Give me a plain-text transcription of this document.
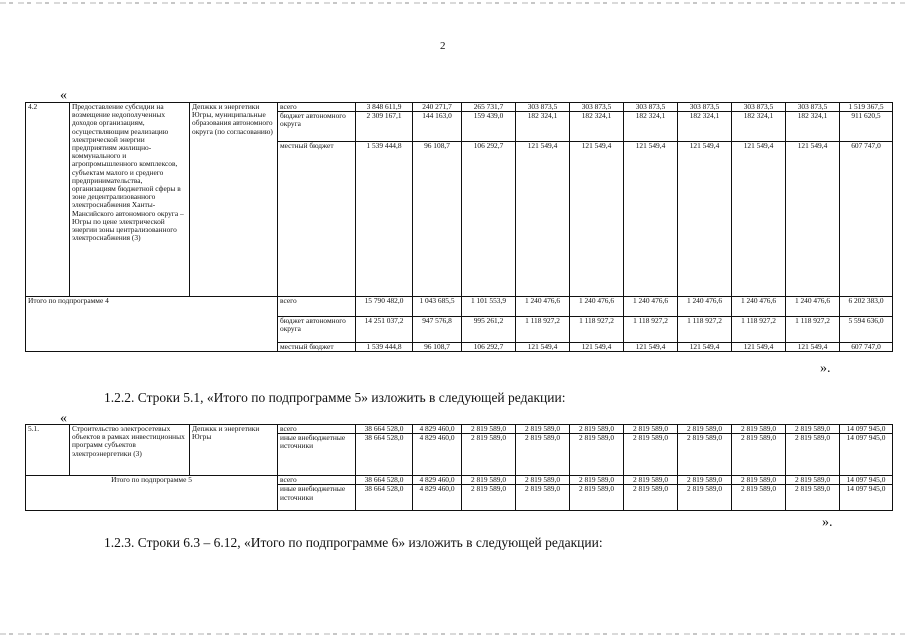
2
«
4.2	Предоставление субсидии на возмещение недополученных доходов организациям, осуществляющим реализацию электрической энергии предприятиям жилищно-коммунального и агропромышленного комплексов, субъектам малого и среднего предпринимательства, организациям бюджетной сферы в зоне децентрализованного электроснабжения Ханты-Мансийского автономного округа – Югры по цене электрической энергии зоны централизованного электроснабжения (3)	Депжкк и энергетики Югры, муниципальные образования автономного округа (по согласованию)	всего	3 848 611,9	240 271,7	265 731,7	303 873,5	303 873,5	303 873,5	303 873,5	303 873,5	303 873,5	1 519 367,5
			бюджет автономного округа	2 309 167,1	144 163,0	159 439,0	182 324,1	182 324,1	182 324,1	182 324,1	182 324,1	182 324,1	911 620,5
			местный бюджет	1 539 444,8	96 108,7	106 292,7	121 549,4	121 549,4	121 549,4	121 549,4	121 549,4	121 549,4	607 747,0
Итого по подпрограмме 4			всего	15 790 482,0	1 043 685,5	1 101 553,9	1 240 476,6	1 240 476,6	1 240 476,6	1 240 476,6	1 240 476,6	1 240 476,6	6 202 383,0
			бюджет автономного округа	14 251 037,2	947 576,8	995 261,2	1 118 927,2	1 118 927,2	1 118 927,2	1 118 927,2	1 118 927,2	1 118 927,2	5 594 636,0
			местный бюджет	1 539 444,8	96 108,7	106 292,7	121 549,4	121 549,4	121 549,4	121 549,4	121 549,4	121 549,4	607 747,0
».
1.2.2. Строки 5.1, «Итого по подпрограмме 5» изложить в следующей редакции:
«
5.1.	Строительство электросетевых объектов в рамках инвестиционных программ субъектов электроэнергетики (3)	Депжкк и энергетики Югры	всего	38 664 528,0	4 829 460,0	2 819 589,0	2 819 589,0	2 819 589,0	2 819 589,0	2 819 589,0	2 819 589,0	2 819 589,0	14 097 945,0
			иные внебюджетные источники	38 664 528,0	4 829 460,0	2 819 589,0	2 819 589,0	2 819 589,0	2 819 589,0	2 819 589,0	2 819 589,0	2 819 589,0	14 097 945,0
Итого по подпрограмме 5			всего	38 664 528,0	4 829 460,0	2 819 589,0	2 819 589,0	2 819 589,0	2 819 589,0	2 819 589,0	2 819 589,0	2 819 589,0	14 097 945,0
			иные внебюджетные источники	38 664 528,0	4 829 460,0	2 819 589,0	2 819 589,0	2 819 589,0	2 819 589,0	2 819 589,0	2 819 589,0	2 819 589,0	14 097 945,0
».
1.2.3. Строки 6.3 – 6.12, «Итого по подпрограмме 6» изложить в следующей редакции:
